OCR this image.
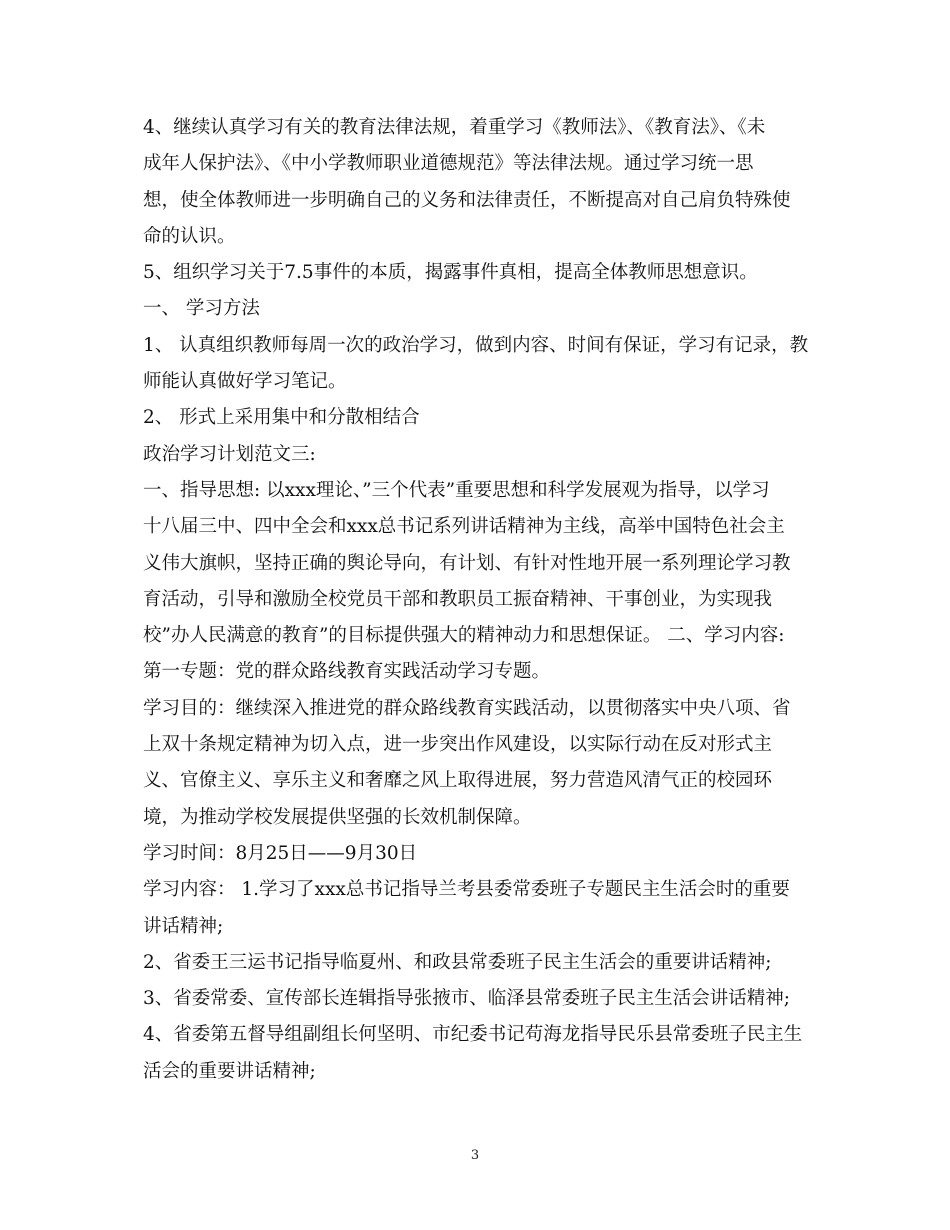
4、继续认真学习有关的教育法律法规，着重学习《教师法》、《教育法》、《未
成年人保护法》、《中小学教师职业道德规范》等法律法规。通过学习统一思
想，使全体教师进一步明确自己的义务和法律责任，不断提高对自己肩负特殊使
命的认识。
5、组织学习关于7.5事件的本质，揭露事件真相，提高全体教师思想意识。
一、 学习方法
1、 认真组织教师每周一次的政治学习，做到内容、时间有保证，学习有记录，教
师能认真做好学习笔记。
2、 形式上采用集中和分散相结合
政治学习计划范文三:
一、指导思想: 以xxx理论、”三个代表”重要思想和科学发展观为指导，以学习
十八届三中、四中全会和xxx总书记系列讲话精神为主线，高举中国特色社会主
义伟大旗帜，坚持正确的舆论导向，有计划、有针对性地开展一系列理论学习教
育活动，引导和激励全校党员干部和教职员工振奋精神、干事创业，为实现我
校”办人民满意的教育”的目标提供强大的精神动力和思想保证。 二、学习内容:
第一专题：党的群众路线教育实践活动学习专题。
学习目的：继续深入推进党的群众路线教育实践活动，以贯彻落实中央八项、省
上双十条规定精神为切入点，进一步突出作风建设，以实际行动在反对形式主
义、官僚主义、享乐主义和奢靡之风上取得进展，努力营造风清气正的校园环
境，为推动学校发展提供坚强的长效机制保障。
学习时间：8月25日——9月30日
学习内容： 1.学习了xxx总书记指导兰考县委常委班子专题民主生活会时的重要
讲话精神;
2、省委王三运书记指导临夏州、和政县常委班子民主生活会的重要讲话精神;
3、省委常委、宣传部长连辑指导张掖市、临泽县常委班子民主生活会讲话精神;
4、省委第五督导组副组长何坚明、市纪委书记苟海龙指导民乐县常委班子民主生
活会的重要讲话精神;
3
